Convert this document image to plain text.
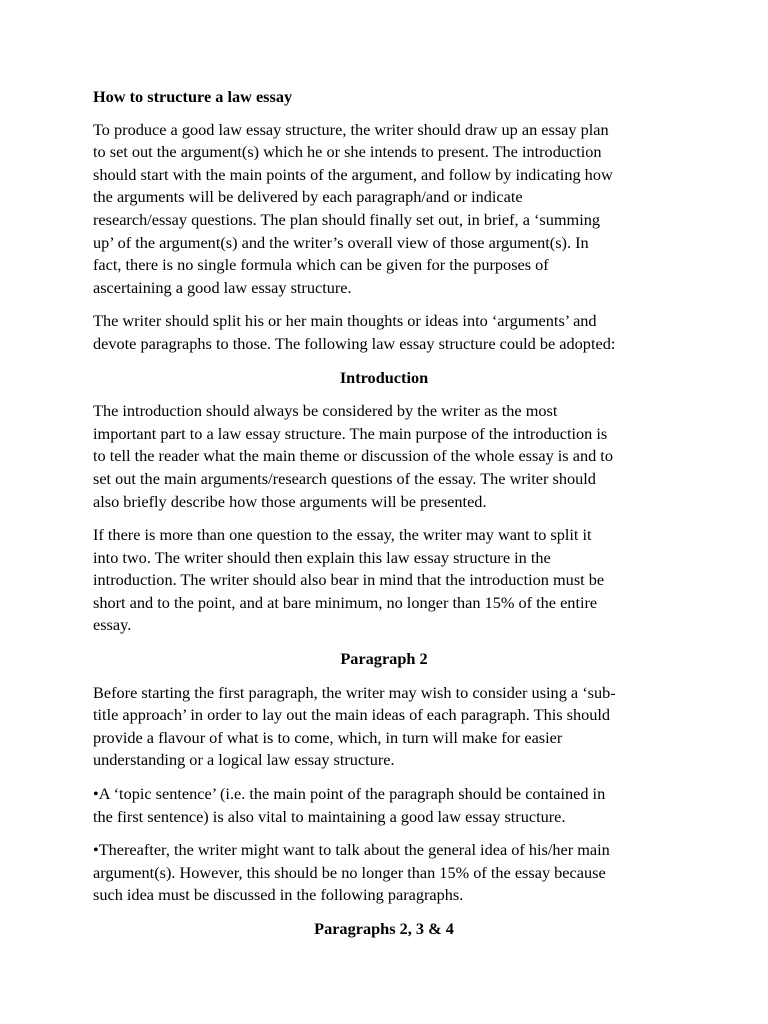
How to structure a law essay

To produce a good law essay structure, the writer should draw up an essay plan
to set out the argument(s) which he or she intends to present. The introduction
should start with the main points of the argument, and follow by indicating how
the arguments will be delivered by each paragraph/and or indicate
research/essay questions. The plan should finally set out, in brief, a ‘summing
up’ of the argument(s) and the writer’s overall view of those argument(s). In
fact, there is no single formula which can be given for the purposes of
ascertaining a good law essay structure.

The writer should split his or her main thoughts or ideas into ‘arguments’ and
devote paragraphs to those. The following law essay structure could be adopted:

Introduction

The introduction should always be considered by the writer as the most
important part to a law essay structure. The main purpose of the introduction is
to tell the reader what the main theme or discussion of the whole essay is and to
set out the main arguments/research questions of the essay. The writer should
also briefly describe how those arguments will be presented.

If there is more than one question to the essay, the writer may want to split it
into two. The writer should then explain this law essay structure in the
introduction. The writer should also bear in mind that the introduction must be
short and to the point, and at bare minimum, no longer than 15% of the entire
essay.

Paragraph 2

Before starting the first paragraph, the writer may wish to consider using a ‘sub-
title approach’ in order to lay out the main ideas of each paragraph. This should
provide a flavour of what is to come, which, in turn will make for easier
understanding or a logical law essay structure.

•A ‘topic sentence’ (i.e. the main point of the paragraph should be contained in
the first sentence) is also vital to maintaining a good law essay structure.

•Thereafter, the writer might want to talk about the general idea of his/her main
argument(s). However, this should be no longer than 15% of the essay because
such idea must be discussed in the following paragraphs.

Paragraphs 2, 3 & 4
